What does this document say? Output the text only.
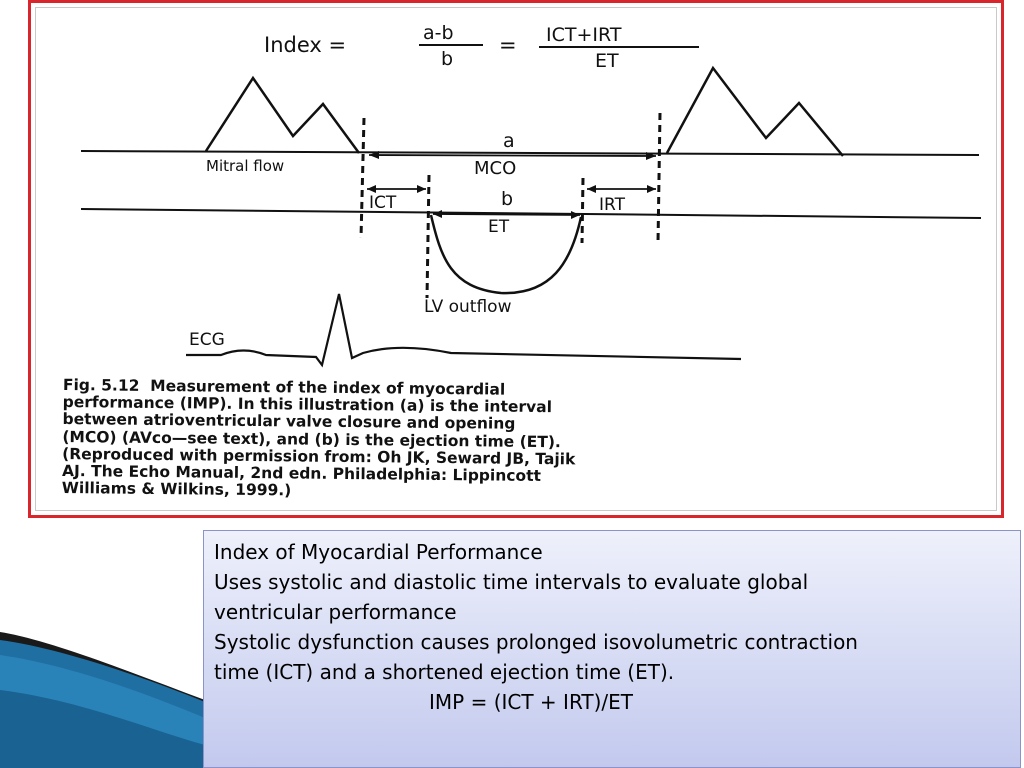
Index =	a-b
b
= ICT+IRT
ET
Mitral flow
a
MCO
ICT	IRT
b
ET
LV outflow
ECG
Fig. 5.12 Measurement of the index of myocardial
performance (IMP). In this illustration (a) is the interval
between atrioventricular valve closure and opening
(MCO) (AVco—see text), and (b) is the ejection time (ET).
(Reproduced with permission from: Oh JK, Seward JB, Tajik
AJ. The Echo Manual, 2nd edn. Philadelphia: Lippincott
Williams & Wilkins, 1999.)
Index of Myocardial Performance
Uses systolic and diastolic time intervals to evaluate global
ventricular performance
Systolic dysfunction causes prolonged isovolumetric contraction
time (ICT) and a shortened ejection time (ET).
IMP = (ICT + IRT)/ET
